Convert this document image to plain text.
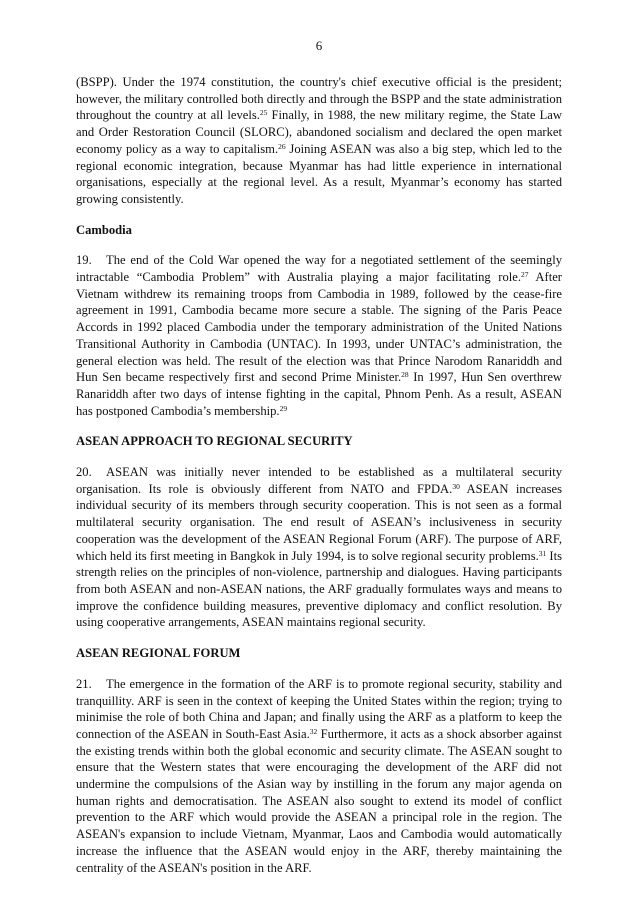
6

(BSPP). Under the 1974 constitution, the country's chief executive official is the president; however, the military controlled both directly and through the BSPP and the state administration throughout the country at all levels.$^{25}$ Finally, in 1988, the new military regime, the State Law and Order Restoration Council (SLORC), abandoned socialism and declared the open market economy policy as a way to capitalism.$^{26}$ Joining ASEAN was also a big step, which led to the regional economic integration, because Myanmar has had little experience in international organisations, especially at the regional level. As a result, Myanmar’s economy has started growing consistently.

Cambodia

19. The end of the Cold War opened the way for a negotiated settlement of the seemingly intractable “Cambodia Problem” with Australia playing a major facilitating role.$^{27}$ After Vietnam withdrew its remaining troops from Cambodia in 1989, followed by the cease-fire agreement in 1991, Cambodia became more secure a stable. The signing of the Paris Peace Accords in 1992 placed Cambodia under the temporary administration of the United Nations Transitional Authority in Cambodia (UNTAC). In 1993, under UNTAC’s administration, the general election was held. The result of the election was that Prince Narodom Ranariddh and Hun Sen became respectively first and second Prime Minister.$^{28}$ In 1997, Hun Sen overthrew Ranariddh after two days of intense fighting in the capital, Phnom Penh. As a result, ASEAN has postponed Cambodia’s membership.$^{29}$

ASEAN APPROACH TO REGIONAL SECURITY

20. ASEAN was initially never intended to be established as a multilateral security organisation. Its role is obviously different from NATO and FPDA.$^{30}$ ASEAN increases individual security of its members through security cooperation. This is not seen as a formal multilateral security organisation. The end result of ASEAN’s inclusiveness in security cooperation was the development of the ASEAN Regional Forum (ARF). The purpose of ARF, which held its first meeting in Bangkok in July 1994, is to solve regional security problems.$^{31}$ Its strength relies on the principles of non-violence, partnership and dialogues. Having participants from both ASEAN and non-ASEAN nations, the ARF gradually formulates ways and means to improve the confidence building measures, preventive diplomacy and conflict resolution. By using cooperative arrangements, ASEAN maintains regional security.

ASEAN REGIONAL FORUM

21. The emergence in the formation of the ARF is to promote regional security, stability and tranquillity. ARF is seen in the context of keeping the United States within the region; trying to minimise the role of both China and Japan; and finally using the ARF as a platform to keep the connection of the ASEAN in South-East Asia.$^{32}$ Furthermore, it acts as a shock absorber against the existing trends within both the global economic and security climate. The ASEAN sought to ensure that the Western states that were encouraging the development of the ARF did not undermine the compulsions of the Asian way by instilling in the forum any major agenda on human rights and democratisation. The ASEAN also sought to extend its model of conflict prevention to the ARF which would provide the ASEAN a principal role in the region. The ASEAN's expansion to include Vietnam, Myanmar, Laos and Cambodia would automatically increase the influence that the ASEAN would enjoy in the ARF, thereby maintaining the centrality of the ASEAN's position in the ARF.
